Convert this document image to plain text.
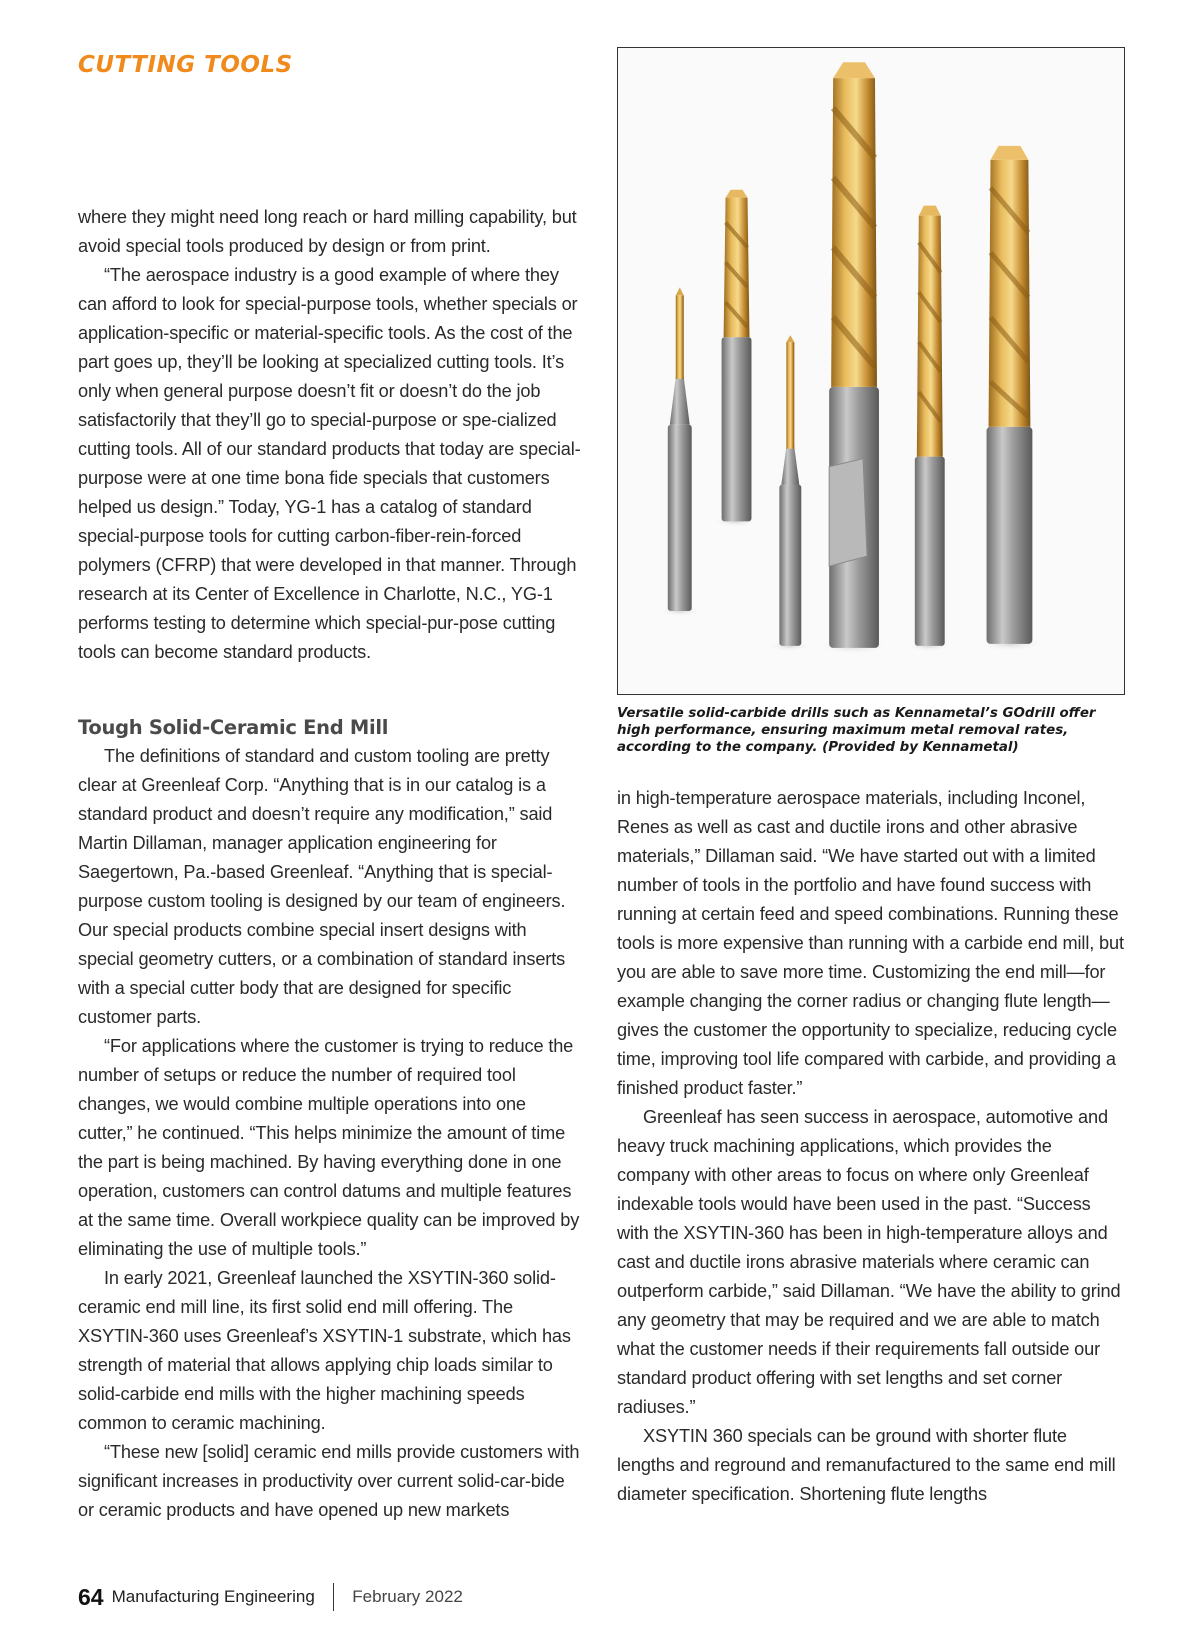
CUTTING TOOLS

where they might need long reach or hard milling capability, but avoid special tools produced by design or from print.

“The aerospace industry is a good example of where they can afford to look for special-purpose tools, whether specials or application-specific or material-specific tools. As the cost of the part goes up, they’ll be looking at specialized cutting tools. It’s only when general purpose doesn’t fit or doesn’t do the job satisfactorily that they’ll go to special-purpose or spe-cialized cutting tools. All of our standard products that today are special-purpose were at one time bona fide specials that customers helped us design.” Today, YG-1 has a catalog of standard special-purpose tools for cutting carbon-fiber-rein-forced polymers (CFRP) that were developed in that manner. Through research at its Center of Excellence in Charlotte, N.C., YG-1 performs testing to determine which special-pur-pose cutting tools can become standard products.

Tough Solid-Ceramic End Mill

The definitions of standard and custom tooling are pretty clear at Greenleaf Corp. “Anything that is in our catalog is a standard product and doesn’t require any modification,” said Martin Dillaman, manager application engineering for Saegertown, Pa.-based Greenleaf. “Anything that is special-purpose custom tooling is designed by our team of engineers. Our special products combine special insert designs with special geometry cutters, or a combination of standard inserts with a special cutter body that are designed for specific customer parts.

“For applications where the customer is trying to reduce the number of setups or reduce the number of required tool changes, we would combine multiple operations into one cutter,” he continued. “This helps minimize the amount of time the part is being machined. By having everything done in one operation, customers can control datums and multiple features at the same time. Overall workpiece quality can be improved by eliminating the use of multiple tools.”

In early 2021, Greenleaf launched the XSYTIN-360 solid-ceramic end mill line, its first solid end mill offering. The XSYTIN-360 uses Greenleaf’s XSYTIN-1 substrate, which has strength of material that allows applying chip loads similar to solid-carbide end mills with the higher machining speeds common to ceramic machining.

“These new [solid] ceramic end mills provide customers with significant increases in productivity over current solid-car-bide or ceramic products and have opened up new markets

Versatile solid-carbide drills such as Kennametal’s GOdrill offer high performance, ensuring maximum metal removal rates, according to the company. (Provided by Kennametal)

in high-temperature aerospace materials, including Inconel, Renes as well as cast and ductile irons and other abrasive materials,” Dillaman said. “We have started out with a limited number of tools in the portfolio and have found success with running at certain feed and speed combinations. Running these tools is more expensive than running with a carbide end mill, but you are able to save more time. Customizing the end mill—for example changing the corner radius or changing flute length—gives the customer the opportunity to specialize, reducing cycle time, improving tool life compared with carbide, and providing a finished product faster.”

Greenleaf has seen success in aerospace, automotive and heavy truck machining applications, which provides the company with other areas to focus on where only Greenleaf indexable tools would have been used in the past. “Success with the XSYTIN-360 has been in high-temperature alloys and cast and ductile irons abrasive materials where ceramic can outperform carbide,” said Dillaman. “We have the ability to grind any geometry that may be required and we are able to match what the customer needs if their requirements fall outside our standard product offering with set lengths and set corner radiuses.”

XSYTIN 360 specials can be ground with shorter flute lengths and reground and remanufactured to the same end mill diameter specification. Shortening flute lengths

64 Manufacturing Engineering February 2022
